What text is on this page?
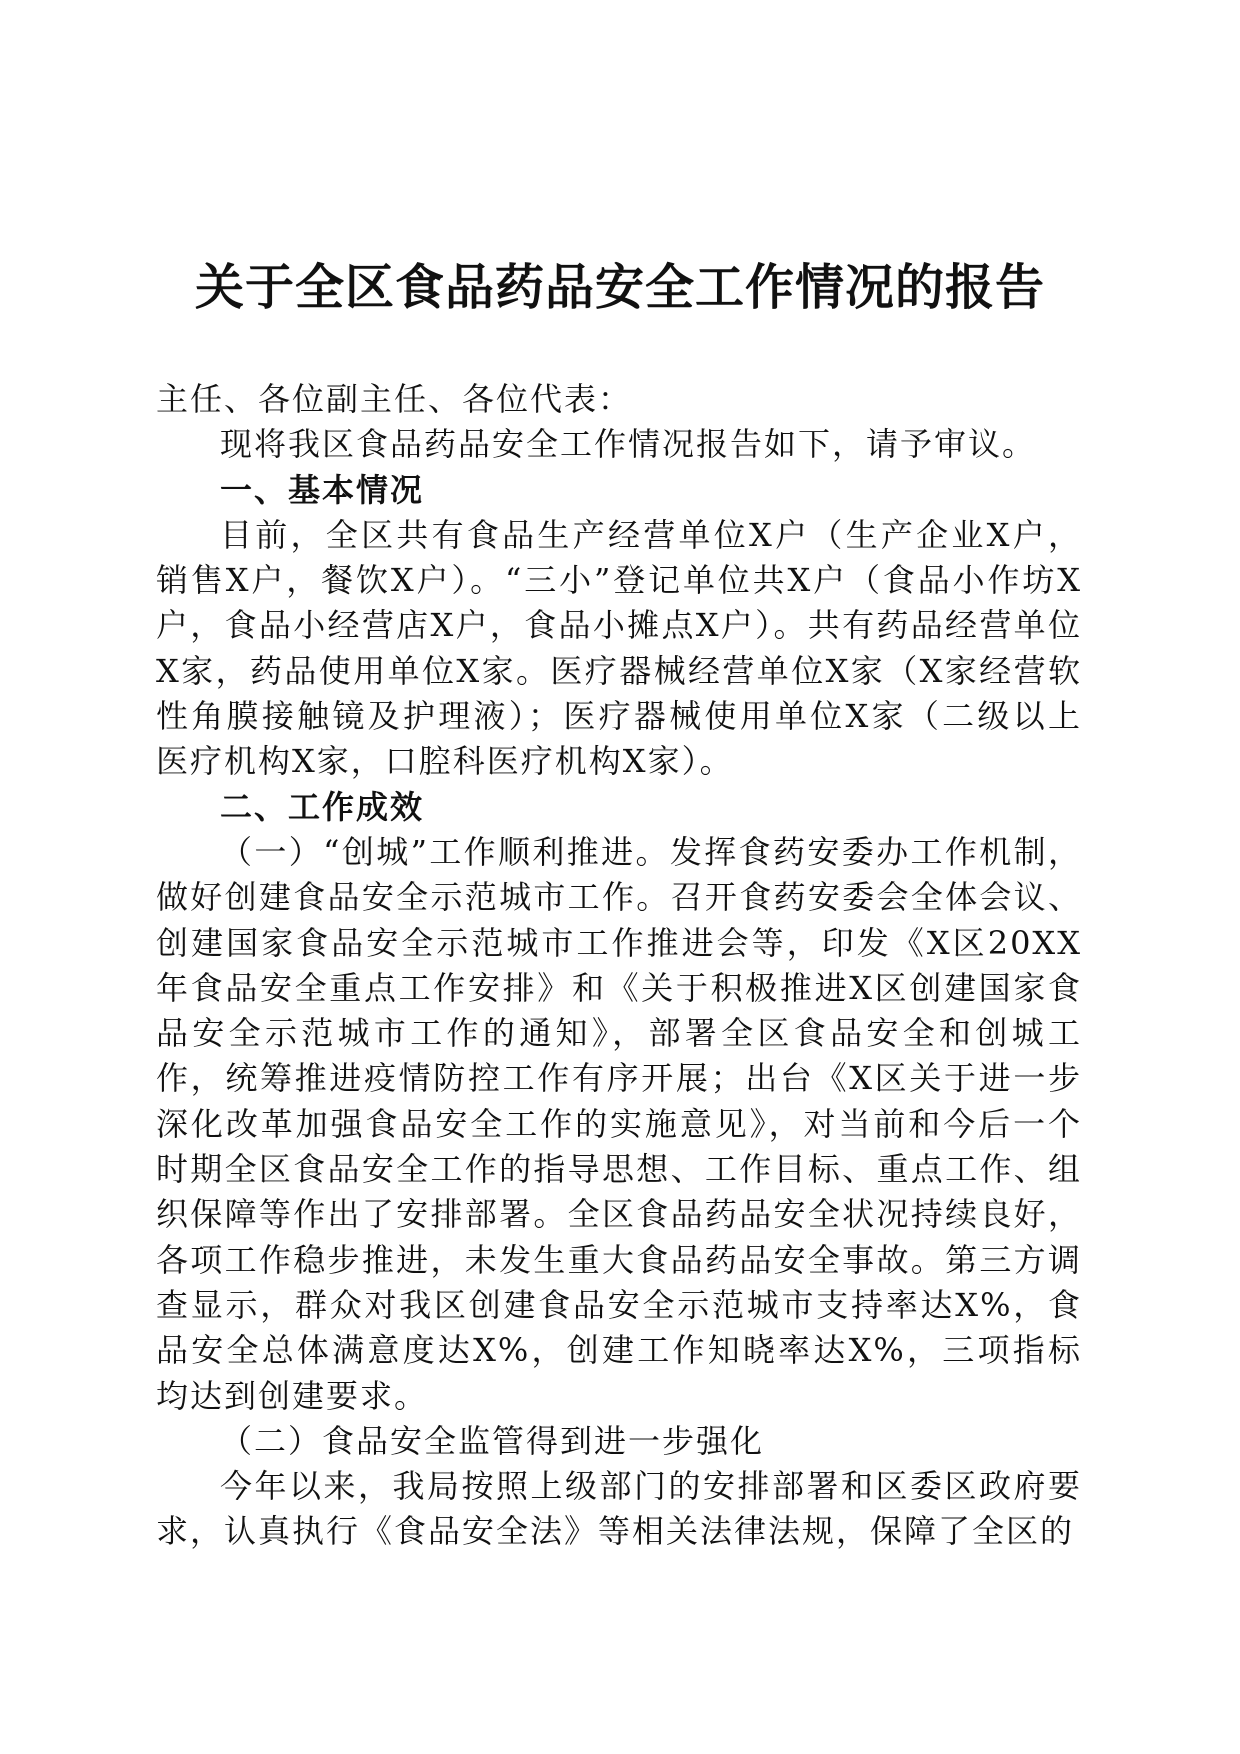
关于全区食品药品安全工作情况的报告

主任、各位副主任、各位代表：

现将我区食品药品安全工作情况报告如下，请予审议。

一、基本情况

目前，全区共有食品生产经营单位X户（生产企业X户，销售X户，餐饮X户）。“三小”登记单位共X户（食品小作坊X户，食品小经营店X户，食品小摊点X户）。共有药品经营单位X家，药品使用单位X家。医疗器械经营单位X家（X家经营软性角膜接触镜及护理液）；医疗器械使用单位X家（二级以上医疗机构X家，口腔科医疗机构X家）。

二、工作成效

（一）“创城”工作顺利推进。发挥食药安委办工作机制，做好创建食品安全示范城市工作。召开食药安委会全体会议、创建国家食品安全示范城市工作推进会等，印发《X区20XX年食品安全重点工作安排》和《关于积极推进X区创建国家食品安全示范城市工作的通知》，部署全区食品安全和创城工作，统筹推进疫情防控工作有序开展；出台《X区关于进一步深化改革加强食品安全工作的实施意见》，对当前和今后一个时期全区食品安全工作的指导思想、工作目标、重点工作、组织保障等作出了安排部署。全区食品药品安全状况持续良好，各项工作稳步推进，未发生重大食品药品安全事故。第三方调查显示，群众对我区创建食品安全示范城市支持率达X%，食品安全总体满意度达X%，创建工作知晓率达X%，三项指标均达到创建要求。

（二）食品安全监管得到进一步强化

今年以来，我局按照上级部门的安排部署和区委区政府要求，认真执行《食品安全法》等相关法律法规，保障了全区的
